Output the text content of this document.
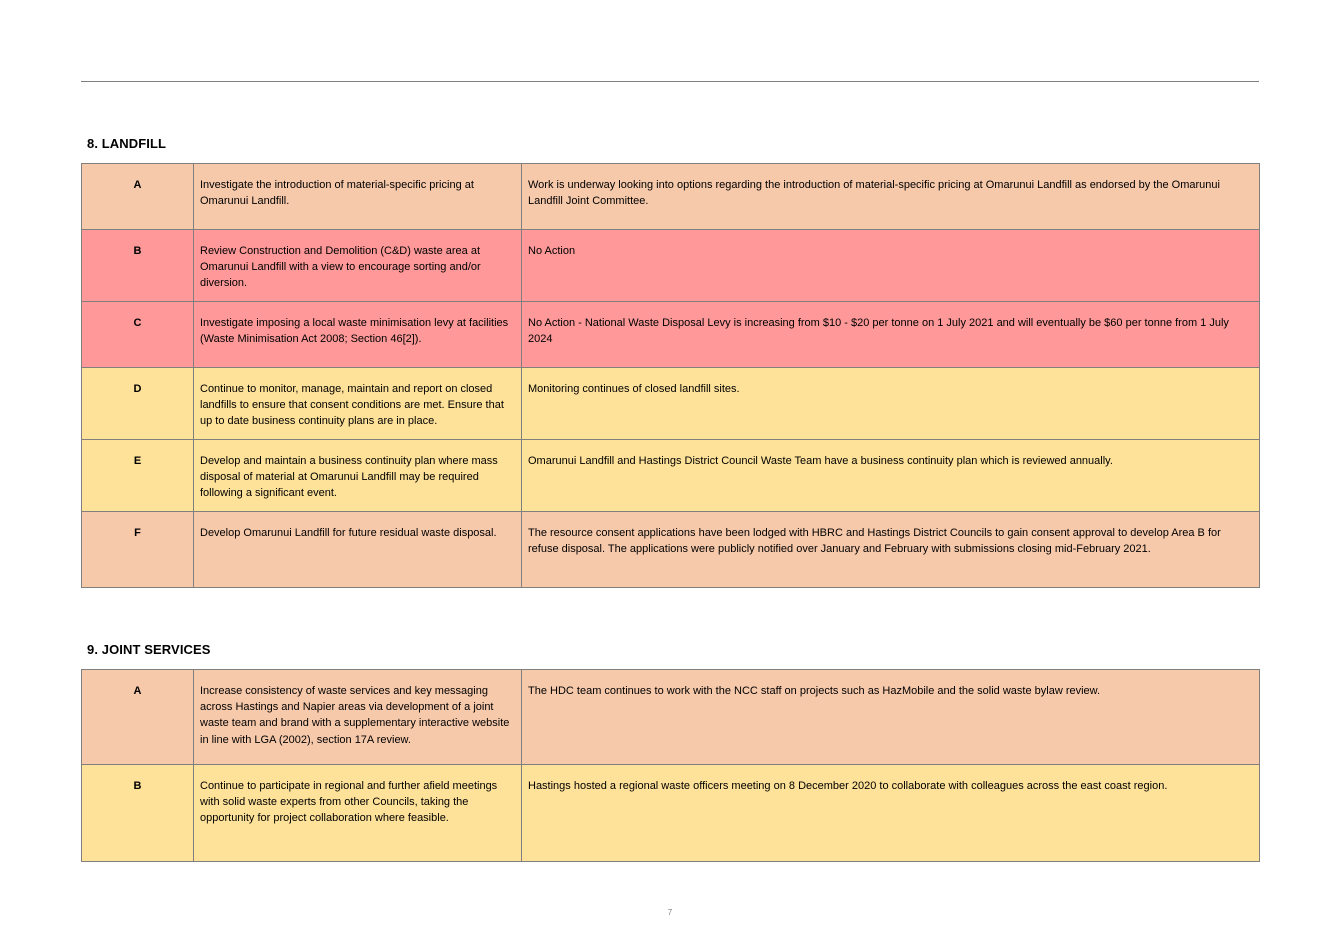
8. LANDFILL
A	Investigate the introduction of material-specific pricing at Omarunui Landfill.	Work is underway looking into options regarding the introduction of material-specific pricing at Omarunui Landfill as endorsed by the Omarunui Landfill Joint Committee.
B	Review Construction and Demolition (C&D) waste area at Omarunui Landfill with a view to encourage sorting and/or diversion.	No Action
C	Investigate imposing a local waste minimisation levy at facilities (Waste Minimisation Act 2008; Section 46[2]).	No Action - National Waste Disposal Levy is increasing from $10 - $20 per tonne on 1 July 2021 and will eventually be $60 per tonne from 1 July 2024
D	Continue to monitor, manage, maintain and report on closed landfills to ensure that consent conditions are met. Ensure that up to date business continuity plans are in place.	Monitoring continues of closed landfill sites.
E	Develop and maintain a business continuity plan where mass disposal of material at Omarunui Landfill may be required following a significant event.	Omarunui Landfill and Hastings District Council Waste Team have a business continuity plan which is reviewed annually.
F	Develop Omarunui Landfill for future residual waste disposal.	The resource consent applications have been lodged with HBRC and Hastings District Councils to gain consent approval to develop Area B for refuse disposal. The applications were publicly notified over January and February with submissions closing mid-February 2021.
9. JOINT SERVICES
A	Increase consistency of waste services and key messaging across Hastings and Napier areas via development of a joint waste team and brand with a supplementary interactive website in line with LGA (2002), section 17A review.	The HDC team continues to work with the NCC staff on projects such as HazMobile and the solid waste bylaw review.
B	Continue to participate in regional and further afield meetings with solid waste experts from other Councils, taking the opportunity for project collaboration where feasible.	Hastings hosted a regional waste officers meeting on 8 December 2020 to collaborate with colleagues across the east coast region.
7
